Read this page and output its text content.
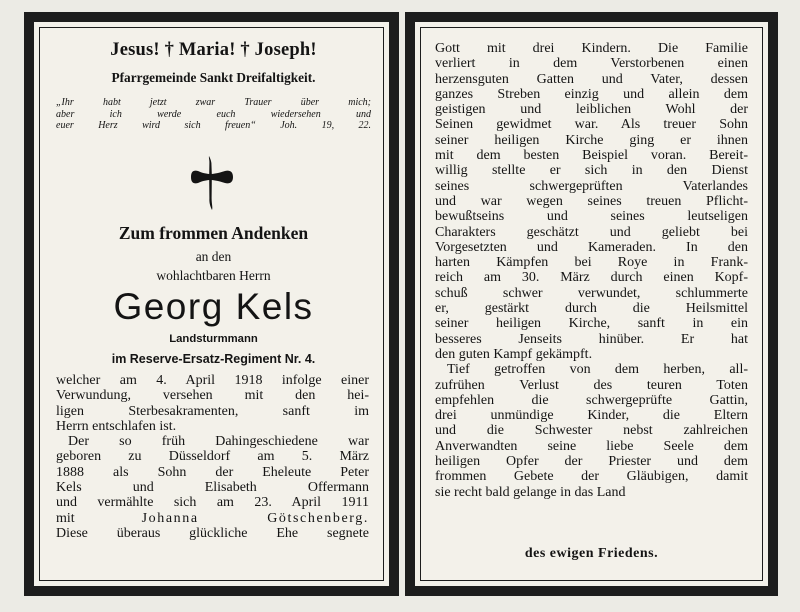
Jesus! † Maria! † Joseph!
Pfarrgemeinde Sankt Dreifaltigkeit.
„Ihr habt jetzt zwar Trauer über mich;
aber ich werde euch wiedersehen und
euer Herz wird sich freuen“ Joh. 19, 22.
Zum frommen Andenken
an den
wohlachtbaren Herrn
Georg Kels
Landsturmmann
im Reserve-Ersatz-Regiment Nr. 4.
welcher am 4. April 1918 infolge einer
Verwundung, versehen mit den hei-
ligen Sterbesakramenten, sanft im
Herrn entschlafen ist.
Der so früh Dahingeschiedene war
geboren zu Düsseldorf am 5. März
1888 als Sohn der Eheleute Peter
Kels und Elisabeth Offermann
und vermählte sich am 23. April 1911
mit	Johanna Götschenberg.
Diese überaus glückliche Ehe segnete
Gott mit drei Kindern. Die Familie
verliert in dem Verstorbenen einen
herzensguten Gatten und Vater, dessen
ganzes Streben einzig und allein dem
geistigen und leiblichen Wohl der
Seinen gewidmet war. Als treuer Sohn
seiner heiligen Kirche ging er ihnen
mit dem besten Beispiel voran. Bereit-
willig stellte er sich in den Dienst
seines schwergeprüften Vaterlandes
und war wegen seines treuen Pflicht-
bewußtseins und seines leutseligen
Charakters geschätzt und geliebt bei
Vorgesetzten und Kameraden. In den
harten Kämpfen bei Roye in Frank-
reich am 30. März durch einen Kopf-
schuß schwer verwundet, schlummerte
er, gestärkt durch die Heilsmittel
seiner heiligen Kirche, sanft in ein
besseres Jenseits hinüber. Er hat
den guten Kampf gekämpft.
Tief getroffen von dem herben, all-
zufrühen Verlust des teuren Toten
empfehlen die schwergeprüfte Gattin,
drei unmündige Kinder, die Eltern
und die Schwester nebst zahlreichen
Anverwandten seine liebe Seele dem
heiligen Opfer der Priester und dem
frommen Gebete der Gläubigen, damit
sie recht bald gelange in das Land
des ewigen Friedens.
